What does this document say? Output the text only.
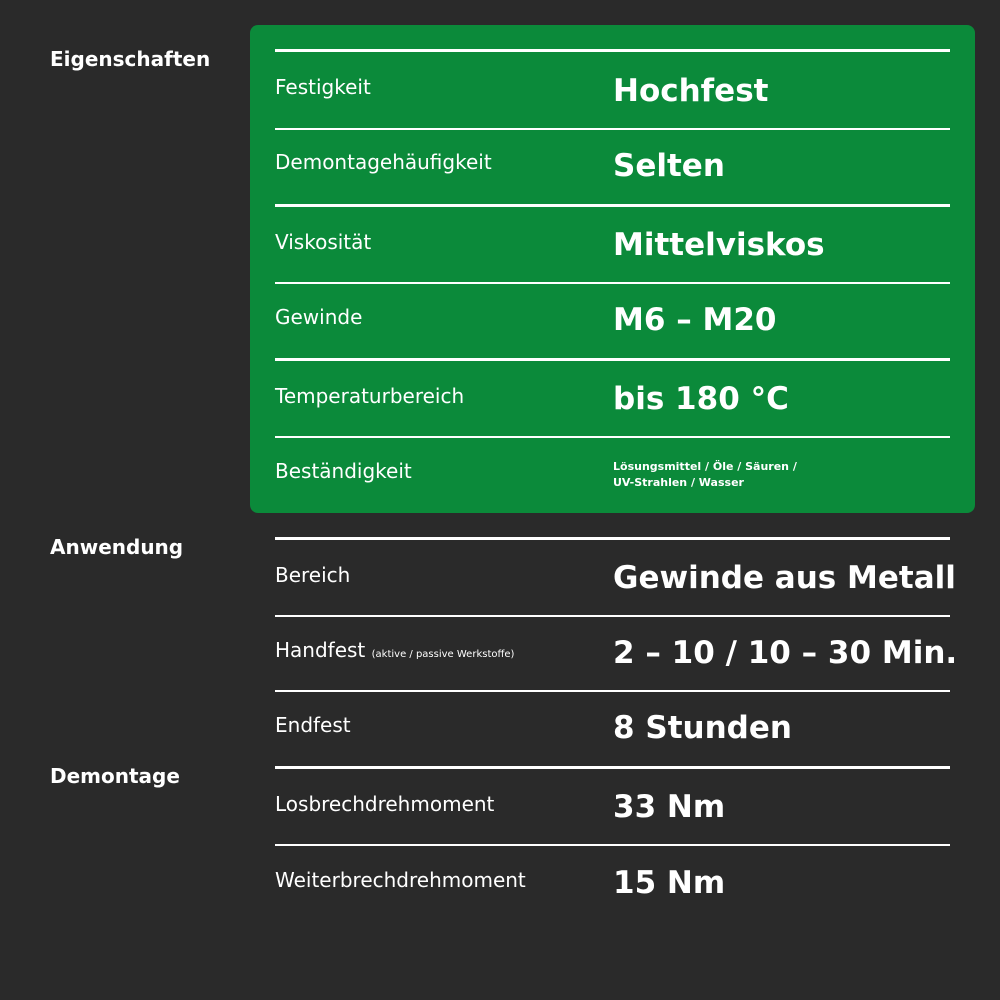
Eigenschaften
Anwendung
Demontage
Festigkeit	Hochfest
Demontagehäufigkeit	Selten
Viskosität	Mittelviskos
Gewinde	M6 – M20
Temperaturbereich	bis 180 °C
Beständigkeit	Lösungsmittel / Öle / Säuren /
UV-Strahlen / Wasser
Bereich	Gewinde aus Metall
Handfest (aktive / passive Werkstoffe)	2 – 10 / 10 – 30 Min.
Endfest	8 Stunden
Losbrechdrehmoment	33 Nm
Weiterbrechdrehmoment	15 Nm
